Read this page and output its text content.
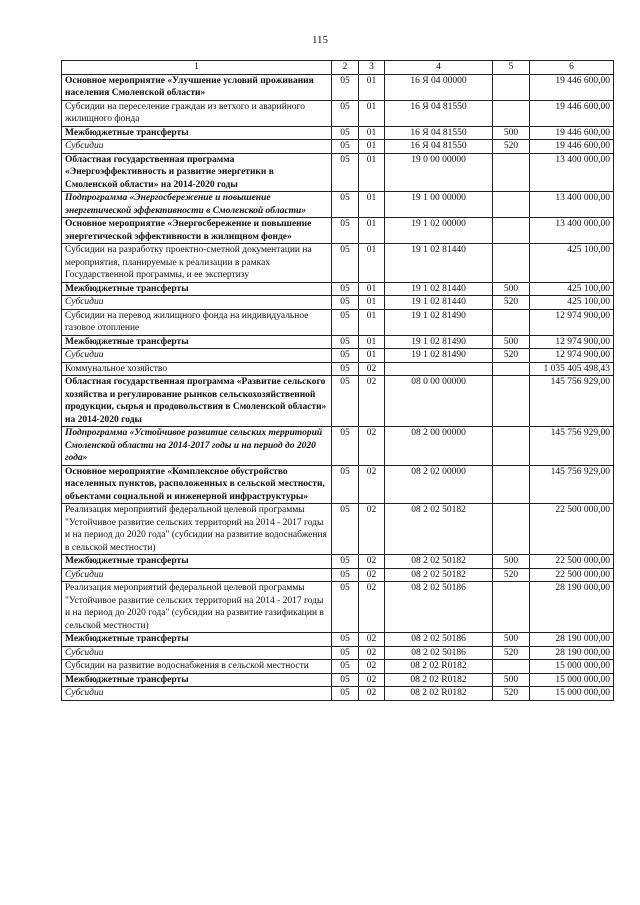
115
1	2	3	4	5	6
Основное мероприятие «Улучшение условий проживания населения Смоленской области»	05	01	16 Я 04 00000		19 446 600,00
Субсидии на переселение граждан из ветхого и аварийного жилищного фонда	05	01	16 Я 04 81550		19 446 600,00
Межбюджетные трансферты	05	01	16 Я 04 81550	500	19 446 600,00
Субсидии	05	01	16 Я 04 81550	520	19 446 600,00
Областная государственная программа «Энергоэффективность и развитие энергетики в Смоленской области» на 2014-2020 годы	05	01	19 0 00 00000		13 400 000,00
Подпрограмма «Энергосбережение и повышение энергетической эффективности в Смоленской области»	05	01	19 1 00 00000		13 400 000,00
Основное мероприятие «Энергосбережение и повышение энергетической эффективности в жилищном фонде»	05	01	19 1 02 00000		13 400 000,00
Субсидии на разработку проектно-сметной документации на мероприятия, планируемые к реализации в рамках Государственной программы, и ее экспертизу	05	01	19 1 02 81440		425 100,00
Межбюджетные трансферты	05	01	19 1 02 81440	500	425 100,00
Субсидии	05	01	19 1 02 81440	520	425 100,00
Субсидии на перевод жилищного фонда на индивидуальное газовое отопление	05	01	19 1 02 81490		12 974 900,00
Межбюджетные трансферты	05	01	19 1 02 81490	500	12 974 900,00
Субсидии	05	01	19 1 02 81490	520	12 974 900,00
Коммунальное хозяйство	05	02			1 035 405 498,43
Областная государственная программа «Развитие сельского хозяйства и регулирование рынков сельскохозяйственной продукции, сырья и продовольствия в Смоленской области» на 2014-2020 годы	05	02	08 0 00 00000		145 756 929,00
Подпрограмма «Устойчивое развитие сельских территорий Смоленской области на 2014-2017 годы и на период до 2020 года»	05	02	08 2 00 00000		145 756 929,00
Основное мероприятие «Комплексное обустройство населенных пунктов, расположенных в сельской местности, объектами социальной и инженерной инфраструктуры»	05	02	08 2 02 00000		145 756 929,00
Реализация мероприятий федеральной целевой программы "Устойчивое развитие сельских территорий на 2014 - 2017 годы и на период до 2020 года" (субсидии на развитие водоснабжения в сельской местности)	05	02	08 2 02 50182		22 500 000,00
Межбюджетные трансферты	05	02	08 2 02 50182	500	22 500 000,00
Субсидии	05	02	08 2 02 50182	520	22 500 000,00
Реализация мероприятий федеральной целевой программы "Устойчивое развитие сельских территорий на 2014 - 2017 годы и на период до 2020 года" (субсидии на развитие газификации в сельской местности)	05	02	08 2 02 50186		28 190 000,00
Межбюджетные трансферты	05	02	08 2 02 50186	500	28 190 000,00
Субсидии	05	02	08 2 02 50186	520	28 190 000,00
Субсидии на развитие водоснабжения в сельской местности	05	02	08 2 02 R0182		15 000 000,00
Межбюджетные трансферты	05	02	08 2 02 R0182	500	15 000 000,00
Субсидии	05	02	08 2 02 R0182	520	15 000 000,00
